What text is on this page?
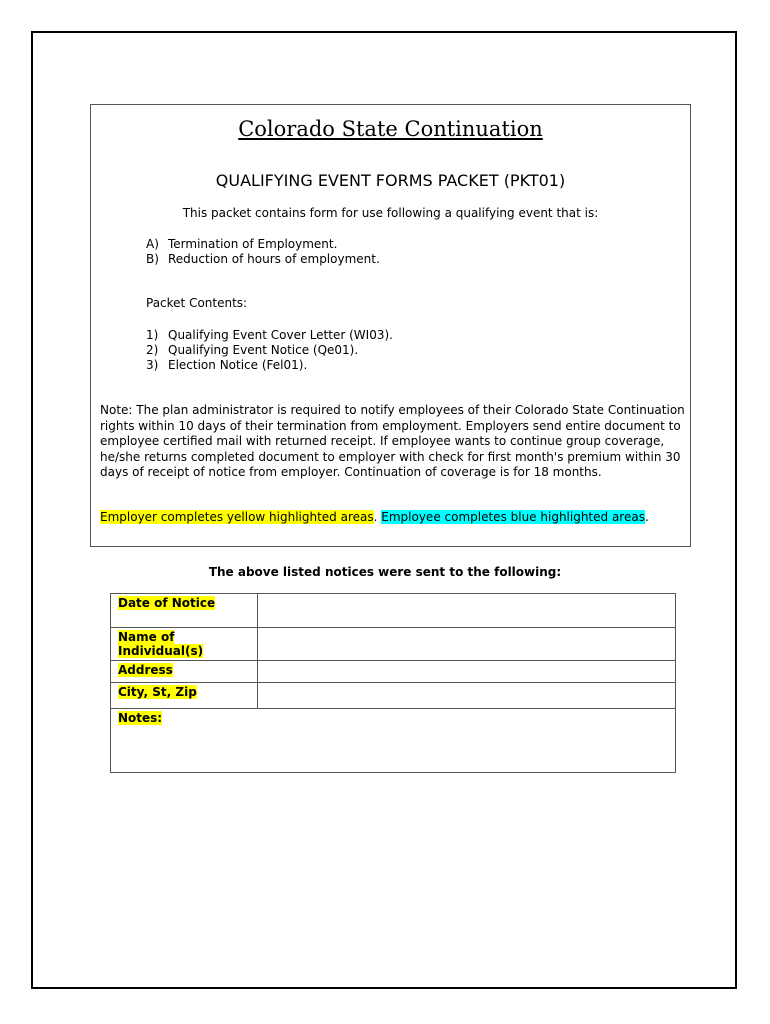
Colorado State Continuation
QUALIFYING EVENT FORMS PACKET (PKT01)
This packet contains form for use following a qualifying event that is:
A) Termination of Employment.
B) Reduction of hours of employment.
Packet Contents:
1) Qualifying Event Cover Letter (WI03).
2) Qualifying Event Notice (Qe01).
3) Election Notice (Fel01).
Note: The plan administrator is required to notify employees of their Colorado State Continuation rights within 10 days of their termination from employment. Employers send entire document to employee certified mail with returned receipt. If employee wants to continue group coverage, he/she returns completed document to employer with check for first month's premium within 30 days of receipt of notice from employer. Continuation of coverage is for 18 months.
Employer completes yellow highlighted areas. Employee completes blue highlighted areas.
The above listed notices were sent to the following:
Date of Notice	
Name of Individual(s)	
Address	
City, St, Zip	
Notes:	
